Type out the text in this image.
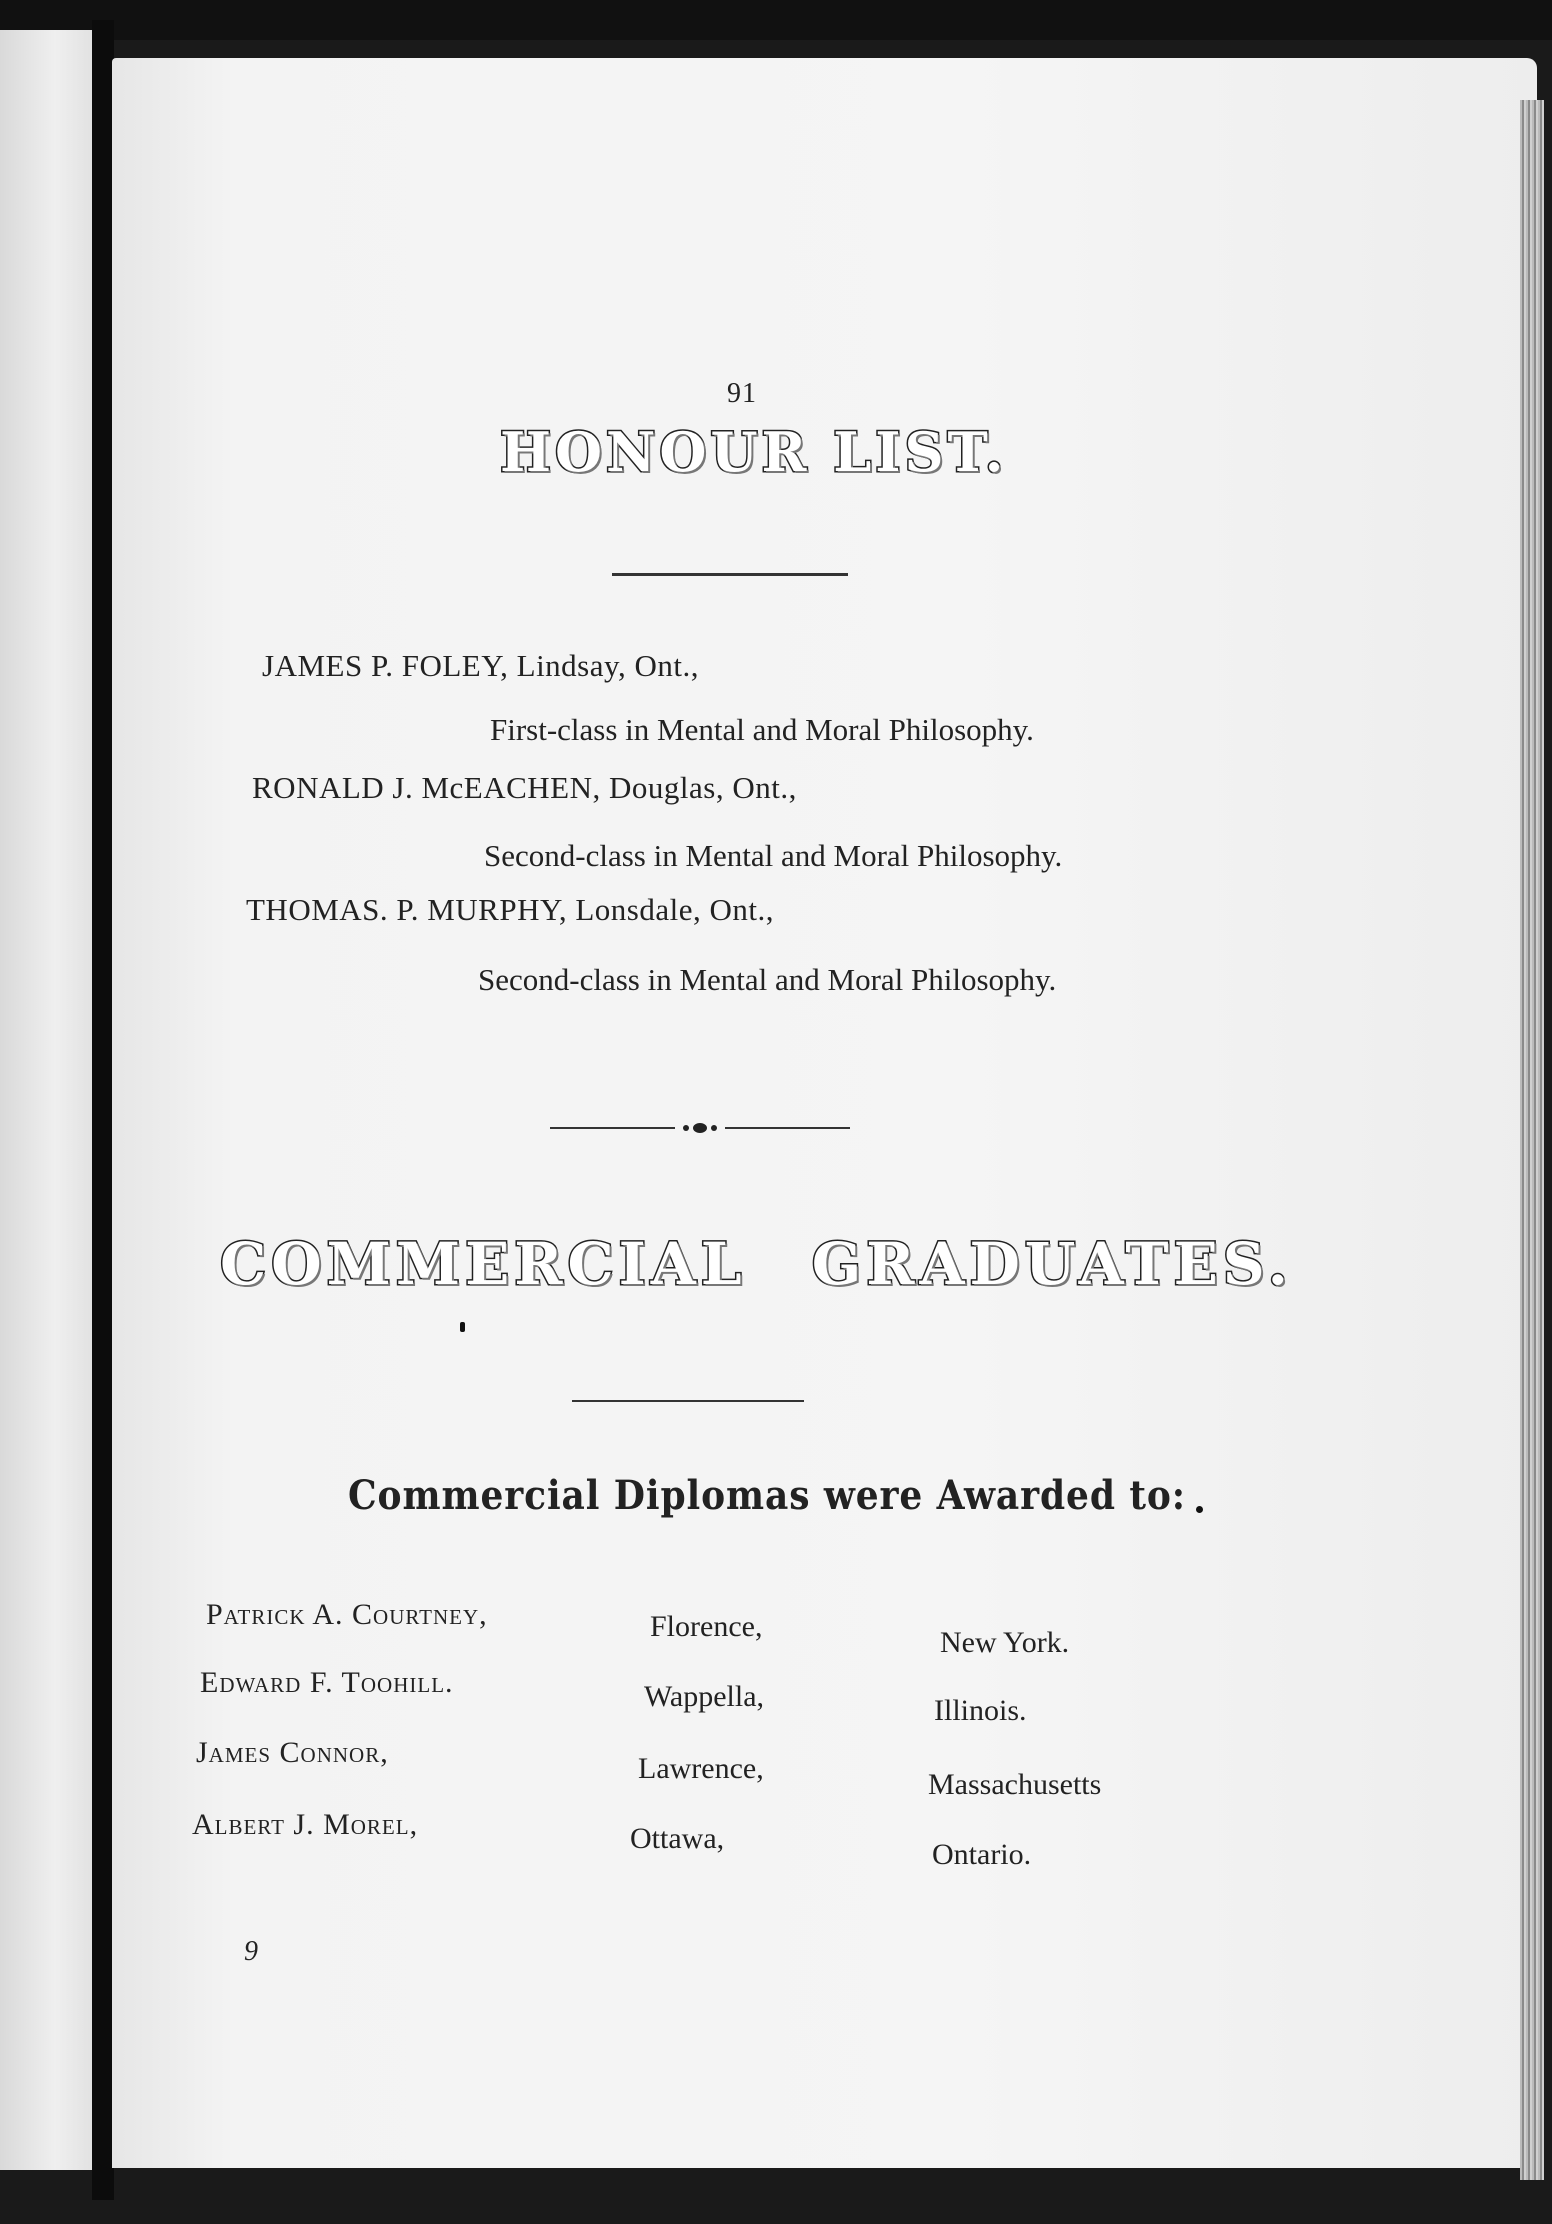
91
HONOUR LIST.
JAMES P. FOLEY, Lindsay, Ont.,
First-class in Mental and Moral Philosophy.
RONALD J. McEACHEN, Douglas, Ont.,
Second-class in Mental and Moral Philosophy.
THOMAS. P. MURPHY, Lonsdale, Ont.,
Second-class in Mental and Moral Philosophy.
COMMERCIAL GRADUATES.
Commercial Diplomas were Awarded to:
Patrick A. Courtney,	Florence,	New York.
Edward F. Toohill.	Wappella,	Illinois.
James Connor,	Lawrence,	Massachusetts
Albert J. Morel,	Ottawa,	Ontario.
9
